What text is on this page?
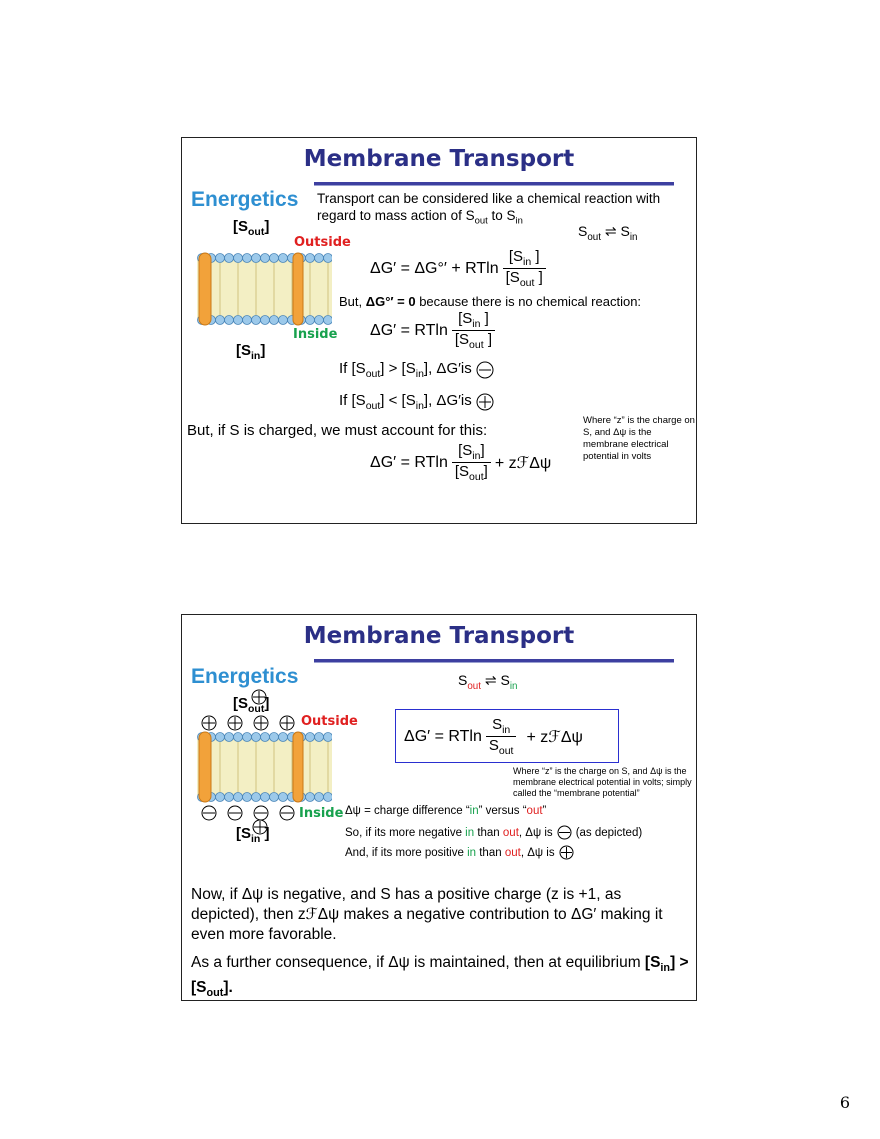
Membrane Transport
Energetics Transport can be considered like a chemical reaction with
regard to mass action of $S_{out}$ to $S_{in}$
$[S_{out}]$	$S_{out}$ ⇌ $S_{in}$
Outside
Inside
$[S_{in}]$
ΔG′ = ΔG°′ + RTln $\frac{[S_{in} ]}{[S_{out} ]}$
But, ΔG°′ = 0 because there is no chemical reaction:
ΔG′ = RTln $\frac{[S_{in} ]}{[S_{out} ]}$
If $[S_{out}] > [S_{in}]$, ΔG′is
If $[S_{out}] < [S_{in}]$, ΔG′is
But, if S is charged, we must account for this:
Where “z” is the charge on S, and Δψ is the membrane electrical potential in volts
ΔG′ = RTln $\frac{[S_{in}]}{[S_{out}]}$ + zℱΔψ
Membrane Transport
Energetics	$S_{out}$ ⇌ $S_{in}$
$[S_{out}]$
Outside
Inside
[$S_{in}$ ]
ΔG′ = RTln $\frac{S_{in}}{S_{out}}$ + zℱΔψ
Where “z” is the charge on S, and Δψ is the membrane electrical potential in volts; simply called the “membrane potential”
Δψ = charge difference “in” versus “out”
So, if its more negative in than out, Δψ is (as depicted)
And, if its more positive in than out, Δψ is
Now, if Δψ is negative, and S has a positive charge (z is +1, as depicted), then zℱΔψ makes a negative contribution to ΔG′ making it even more favorable.
As a further consequence, if Δψ is maintained, then at equilibrium $[S_{in}] > [S_{out}]$.
6
